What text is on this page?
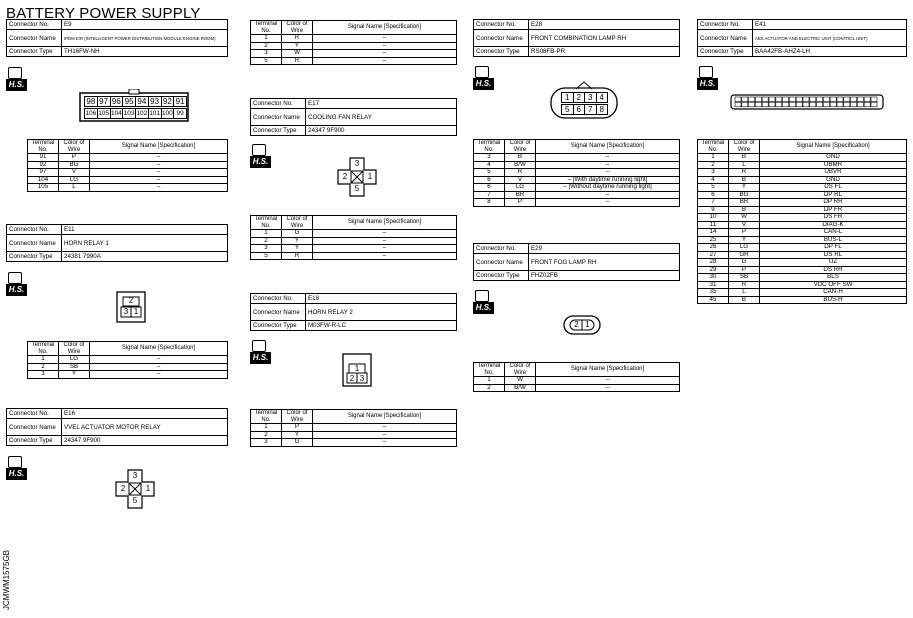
BATTERY POWER SUPPLY
JCMWM1575GB
Connector No.	E9
Connector Name	IPDM E/R (INTELLIGENT POWER DISTRIBUTION MODULE ENGINE ROOM)
Connector Type	TH16FW-NH
H.S.
98 97 96 95 94 93 92 91
106 105 104 103 102 101 100 99
Terminal No.	Color of Wire	Signal Name [Specification]
91	P	–
92	BG	–
97	V	–
104	LG	–
105	L	–
Connector No.	E11
Connector Name	HORN RELAY 1
Connector Type	24381 7990A
H.S.
2
3 1
Terminal No.	Color of Wire	Signal Name [Specification]
1	LG	–
2	SB	–
3	Y	–
Connector No.	E16
Connector Name	VVEL ACTUATOR MOTOR RELAY
Connector Type	24347 9F900
H.S.	3
2	1
5
Terminal No.	Color of Wire	Signal Name [Specification]
1	R	–
2	Y	–
3	W	–
5	R	–
Connector No.	E17
Connector Name	COOLING FAN RELAY
Connector Type	24347 9F900
H.S.	3
2	1
5
Terminal No.	Color of Wire	Signal Name [Specification]
1	G	–
2	Y	–
3	Y	–
5	R	–
Connector No.	E18
Connector Name	HORN RELAY 2
Connector Type	M03FW-R-LC
H.S.
1
2 3
Terminal No.	Color of Wire	Signal Name [Specification]
1	P	–
2	Y	–
3	G	–
Connector No.	E28
Connector Name	FRONT COMBINATION LAMP RH
Connector Type	RS08FB-PR
H.S.
1 2 3 4
5 6 7 8
Terminal No.	Color of Wire	Signal Name [Specification]
3	B	–
4	B/W	–
5	R	–
6	V	– [With daytime running light]
6	LG	– [Without daytime running light]
7	BR	–
8	P	–
Connector No.	E29
Connector Name	FRONT FOG LAMP RH
Connector Type	FHZ02FB
H.S.
2 1
Terminal No.	Color of Wire	Signal Name [Specification]
1	W	–
2	B/W	–
Connector No.	E41
Connector Name	ABS ACTUATOR AND ELECTRIC UNIT (CONTROL UNIT)
Connector Type	BAA42FB-AHZ4-LH
H.S.
Terminal No.	Color of Wire	Signal Name [Specification]
1	B	GND
2	L	UBMR
3	R	UBVR
4	B	GND
5	Y	DS FL
6	BG	DP RL
7	BR	DP RR
9	B	DP FR
10	W	DS FR
11	V	DIAG-K
14	P	CAN-L
25	Y	BUS-L
26	LG	DP FL
27	GR	DS RL
28	G	UZ
29	P	DS RR
30	SB	BLS
31	R	VDC OFF SW
35	L	CAN-H
45	B	BUS-H
